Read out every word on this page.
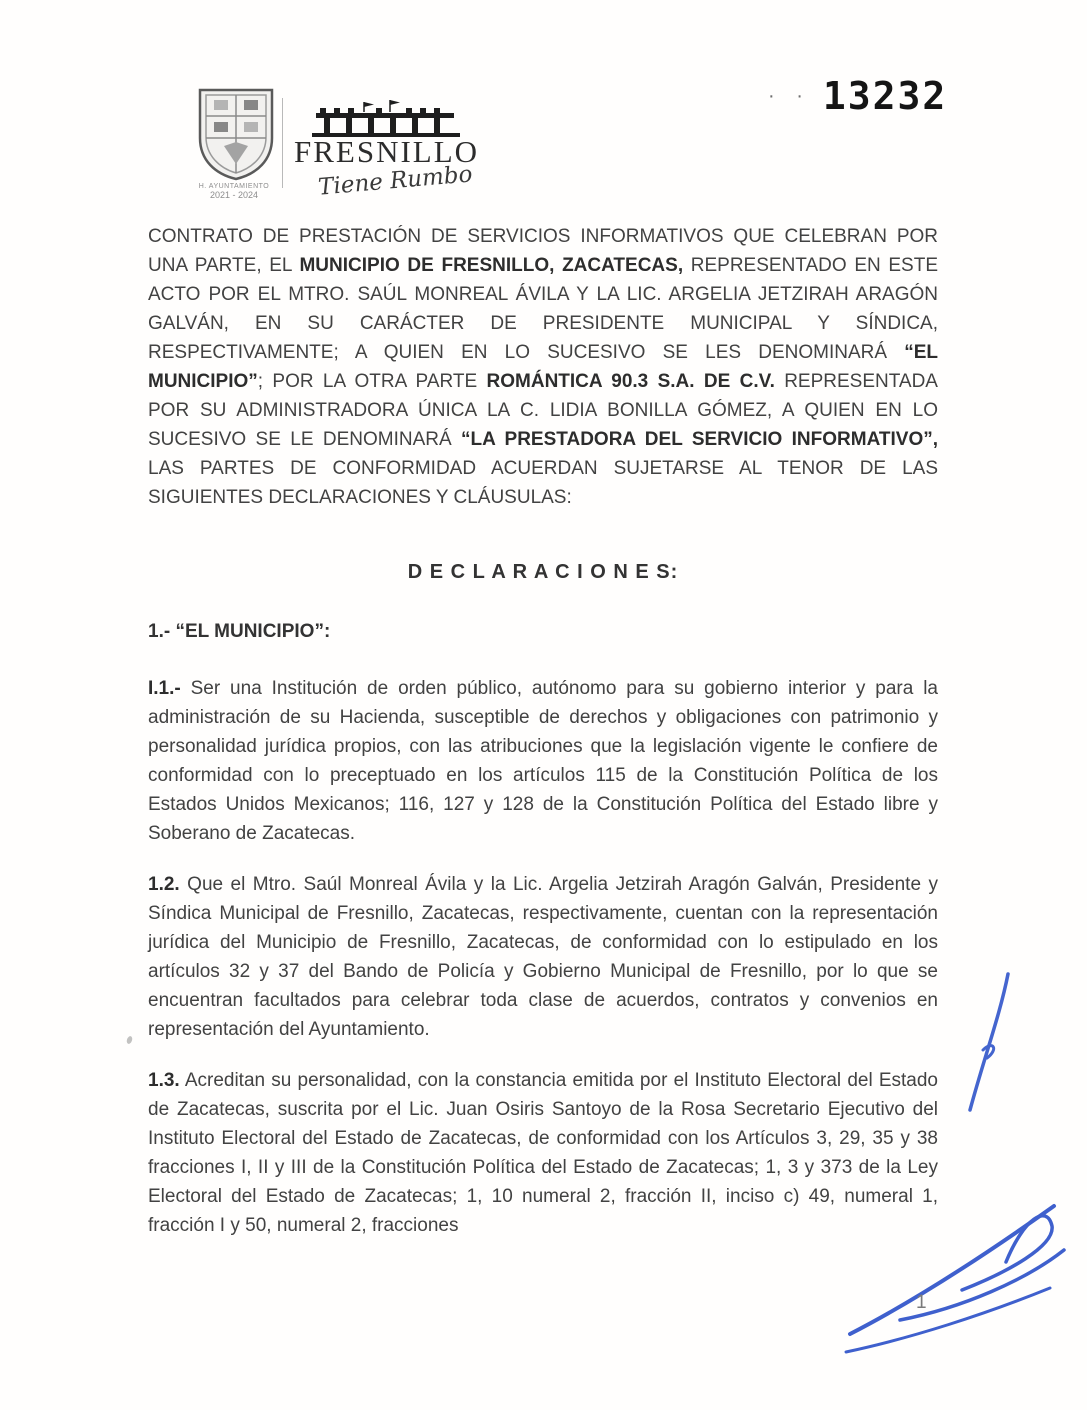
· · 13232
H. AYUNTAMIENTO
2021 - 2024
FRESNILLO
Tiene Rumbo

CONTRATO DE PRESTACIÓN DE SERVICIOS INFORMATIVOS QUE CELEBRAN POR UNA PARTE, EL MUNICIPIO DE FRESNILLO, ZACATECAS, REPRESENTADO EN ESTE ACTO POR EL MTRO. SAÚL MONREAL ÁVILA Y LA LIC. ARGELIA JETZIRAH ARAGÓN GALVÁN, EN SU CARÁCTER DE PRESIDENTE MUNICIPAL Y SÍNDICA, RESPECTIVAMENTE; A QUIEN EN LO SUCESIVO SE LES DENOMINARÁ “EL MUNICIPIO”; POR LA OTRA PARTE ROMÁNTICA 90.3 S.A. DE C.V. REPRESENTADA POR SU ADMINISTRADORA ÚNICA LA C. LIDIA BONILLA GÓMEZ, A QUIEN EN LO SUCESIVO SE LE DENOMINARÁ “LA PRESTADORA DEL SERVICIO INFORMATIVO”, LAS PARTES DE CONFORMIDAD ACUERDAN SUJETARSE AL TENOR DE LAS SIGUIENTES DECLARACIONES Y CLÁUSULAS:

D E C L A R A C I O N E S:
1.- “EL MUNICIPIO”:

I.1.- Ser una Institución de orden público, autónomo para su gobierno interior y para la administración de su Hacienda, susceptible de derechos y obligaciones con patrimonio y personalidad jurídica propios, con las atribuciones que la legislación vigente le confiere de conformidad con lo preceptuado en los artículos 115 de la Constitución Política de los Estados Unidos Mexicanos; 116, 127 y 128 de la Constitución Política del Estado libre y Soberano de Zacatecas.

1.2. Que el Mtro. Saúl Monreal Ávila y la Lic. Argelia Jetzirah Aragón Galván, Presidente y Síndica Municipal de Fresnillo, Zacatecas, respectivamente, cuentan con la representación jurídica del Municipio de Fresnillo, Zacatecas, de conformidad con lo estipulado en los artículos 32 y 37 del Bando de Policía y Gobierno Municipal de Fresnillo, por lo que se encuentran facultados para celebrar toda clase de acuerdos, contratos y convenios en representación del Ayuntamiento.

1.3. Acreditan su personalidad, con la constancia emitida por el Instituto Electoral del Estado de Zacatecas, suscrita por el Lic. Juan Osiris Santoyo de la Rosa Secretario Ejecutivo del Instituto Electoral del Estado de Zacatecas, de conformidad con los Artículos 3, 29, 35 y 38 fracciones I, II y III de la Constitución Política del Estado de Zacatecas; 1, 3 y 373 de la Ley Electoral del Estado de Zacatecas; 1, 10 numeral 2, fracción II, inciso c) 49, numeral 1, fracción I y 50, numeral 2, fracciones

1
